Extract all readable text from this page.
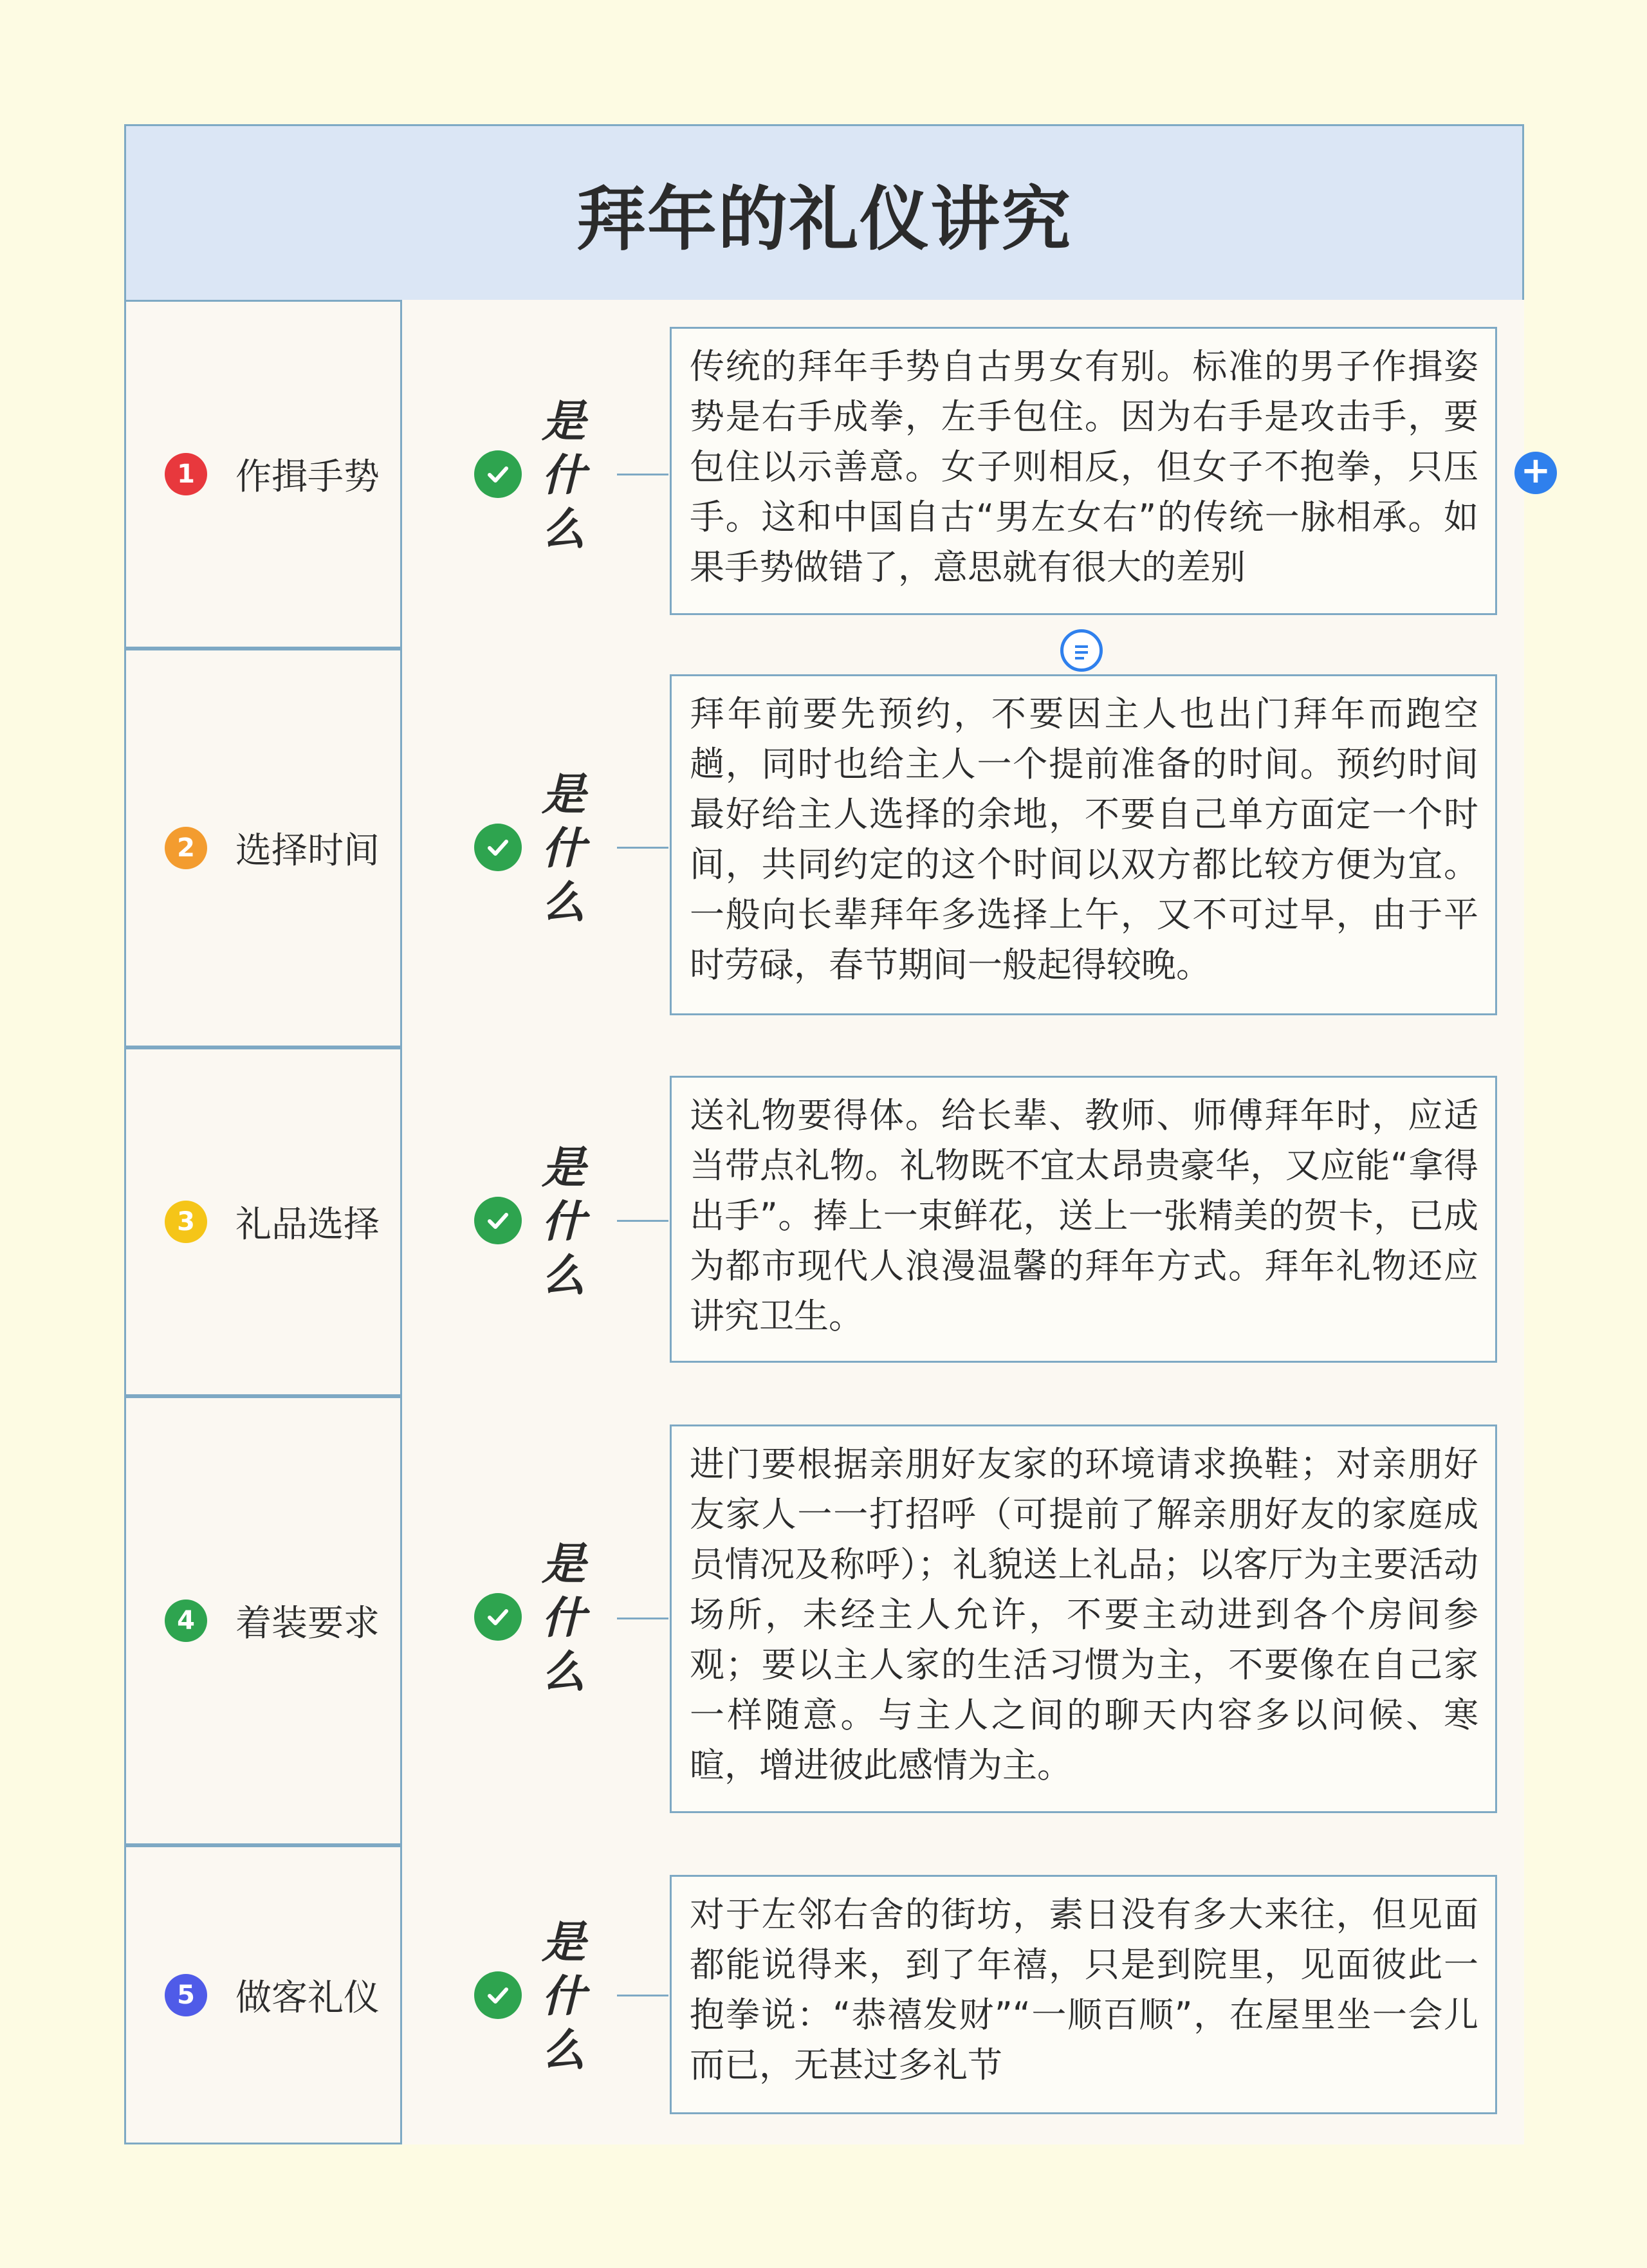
拜年的礼仪讲究
1	作揖手势
是
什
么
传统的拜年手势自古男女有别。标准的男子作揖姿势是右手成拳，左手包住。因为右手是攻击手，要包住以示善意。女子则相反，但女子不抱拳，只压手。这和中国自古“男左女右”的传统一脉相承。如果手势做错了，意思就有很大的差别
2	选择时间
是
什
么
拜年前要先预约，不要因主人也出门拜年而跑空趟，同时也给主人一个提前准备的时间。预约时间最好给主人选择的余地，不要自己单方面定一个时间，共同约定的这个时间以双方都比较方便为宜。一般向长辈拜年多选择上午，又不可过早，由于平时劳碌，春节期间一般起得较晚。
3	礼品选择
是
什
么
送礼物要得体。给长辈、教师、师傅拜年时，应适当带点礼物。礼物既不宜太昂贵豪华，又应能“拿得出手”。捧上一束鲜花，送上一张精美的贺卡，已成为都市现代人浪漫温馨的拜年方式。拜年礼物还应讲究卫生。
4	着装要求
是
什
么
进门要根据亲朋好友家的环境请求换鞋；对亲朋好友家人一一打招呼（可提前了解亲朋好友的家庭成员情况及称呼）；礼貌送上礼品；以客厅为主要活动场所，未经主人允许，不要主动进到各个房间参观；要以主人家的生活习惯为主，不要像在自己家一样随意。与主人之间的聊天内容多以问候、寒暄，增进彼此感情为主。
5	做客礼仪
是
什
么
对于左邻右舍的街坊，素日没有多大来往，但见面都能说得来，到了年禧，只是到院里，见面彼此一抱拳说：“恭禧发财”“一顺百顺”，在屋里坐一会儿而已，无甚过多礼节
+
